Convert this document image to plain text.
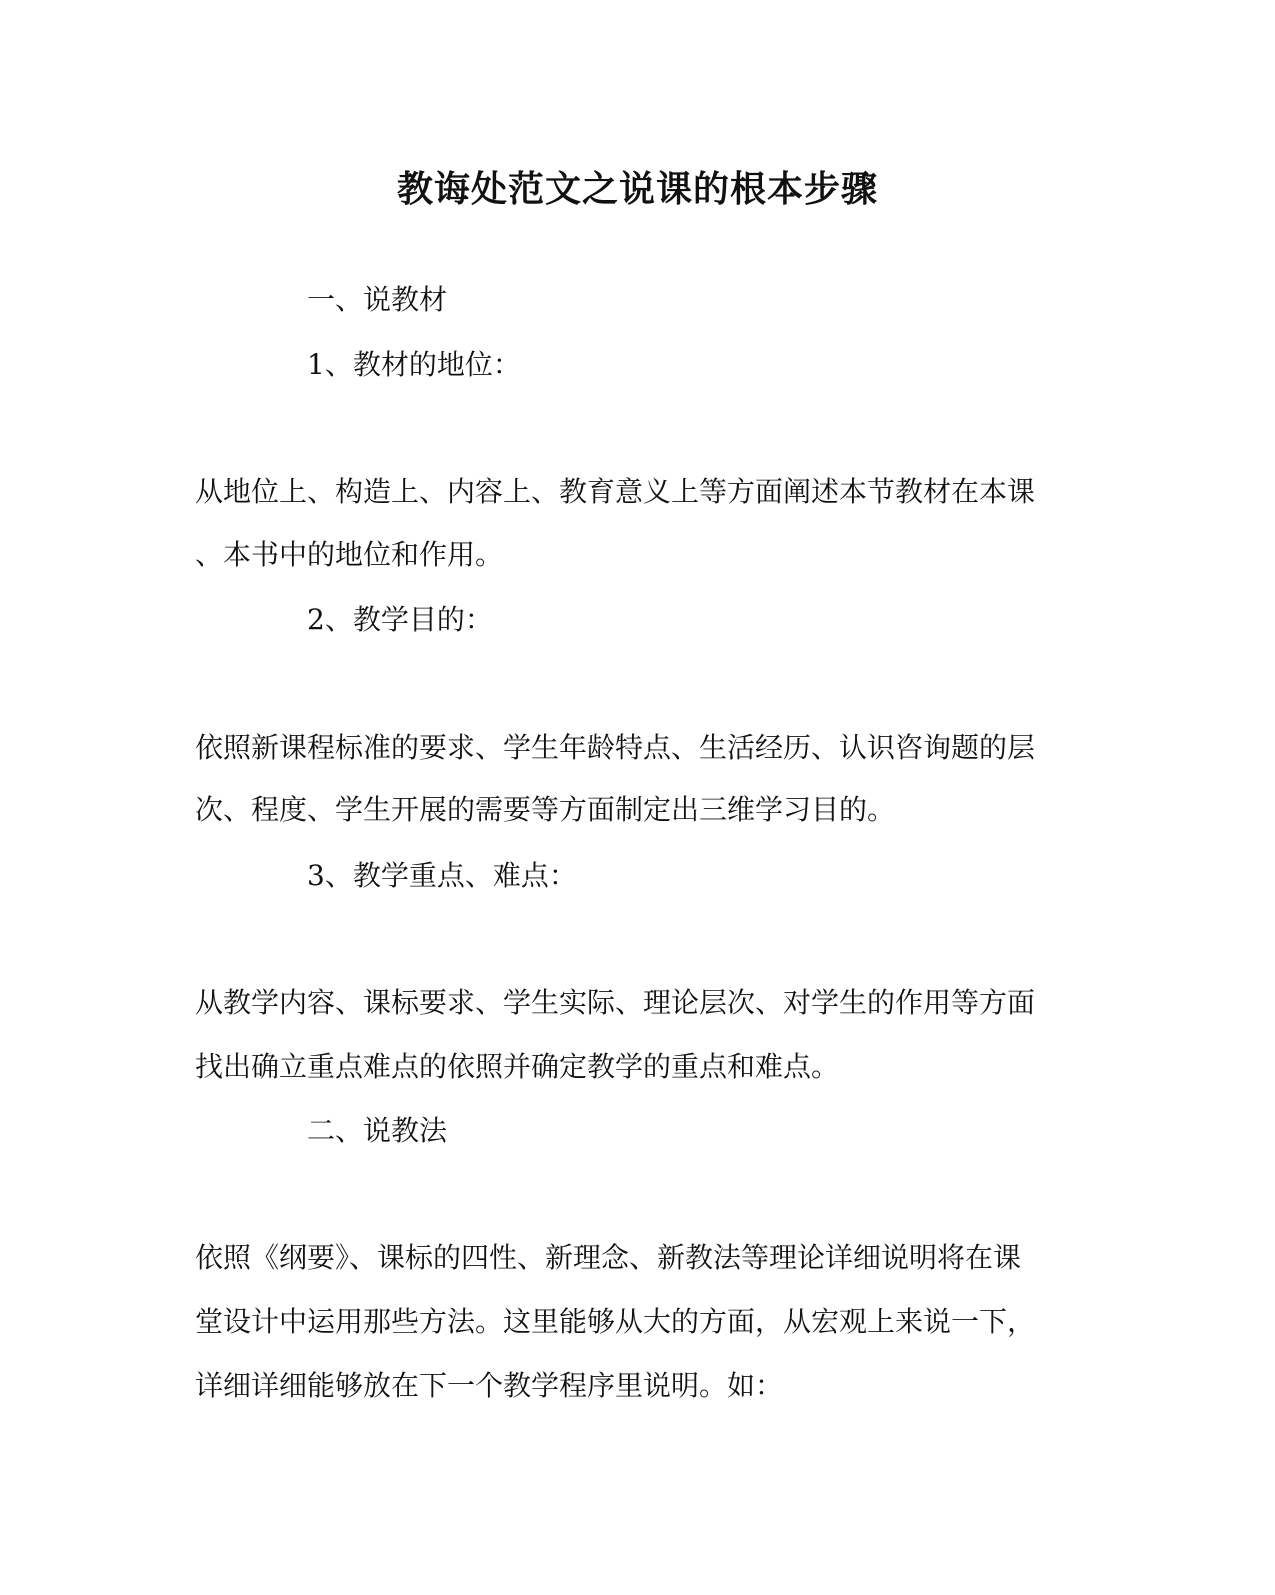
教诲处范文之说课的根本步骤
一、说教材
1、教材的地位：
从地位上、构造上、内容上、教育意义上等方面阐述本节教材在本课
、本书中的地位和作用。
2、教学目的：
依照新课程标准的要求、学生年龄特点、生活经历、认识咨询题的层
次、程度、学生开展的需要等方面制定出三维学习目的。
3、教学重点、难点：
从教学内容、课标要求、学生实际、理论层次、对学生的作用等方面
找出确立重点难点的依照并确定教学的重点和难点。
二、说教法
依照《纲要》、课标的四性、新理念、新教法等理论详细说明将在课
堂设计中运用那些方法。这里能够从大的方面，从宏观上来说一下，
详细详细能够放在下一个教学程序里说明。如：
